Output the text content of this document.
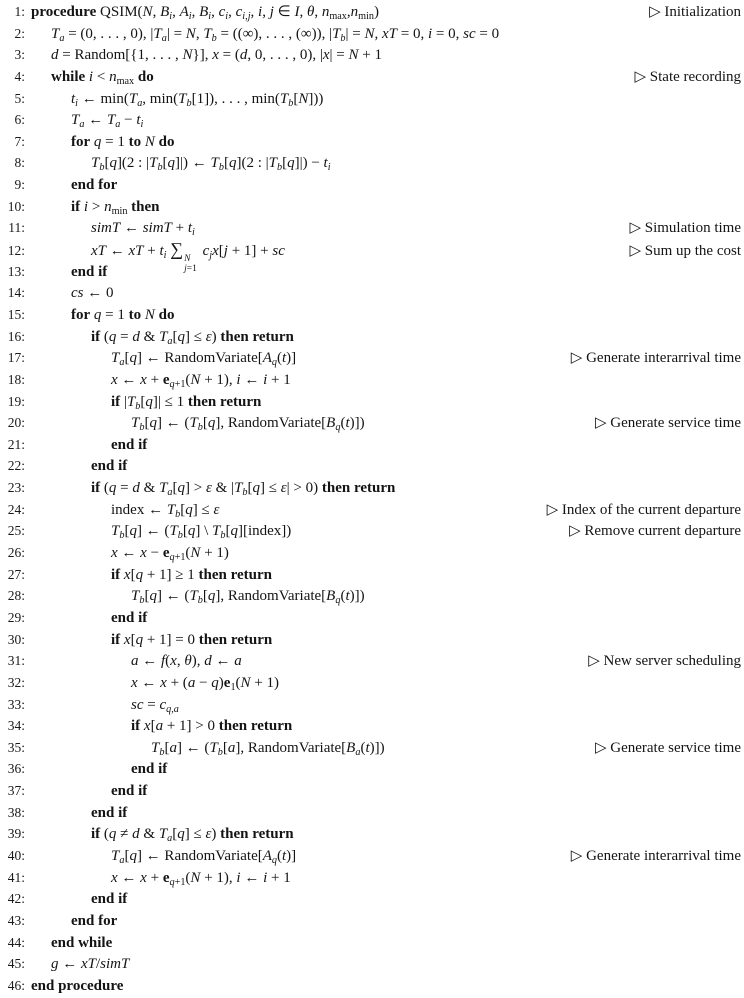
1: procedure QSIM(N, $B_i$, $A_i$, $B_i$, $c_i$, $c_{i,j}$, i, j ∈ I, θ, $n_{max},n_{min}$)	▷ Initialization
2:	$T_a = (0$, . . . , 0), $|T_a| = N$, $T_b$ = ((∞), . . . , (∞)), $|T_b| = N$, xT = 0, i = 0, sc = 0
3:	d = Random[{1, . . . , N}], x = (d, 0, . . . , 0), |x| = N + 1
4:	while $i < n_{max}$ do	▷ State recording
5:	$t_i$ ← $\min(T_a$, $\min(T_b[1])$, . . . , $\min(T_b[N])$)
6:	$T_a$ ← $T_a - t_i$
7:	for q = 1 to N do
8:	$T_b[q](2$ : $|T_b[q]|$) ← $T_b[q](2$ : $|T_b[q]|) - t_i$
9:	end for
10:	if $i > n_{min}$ then
11:	simT ← simT + $t_i$	▷ Simulation time
12:	xT ← xT + $t_i$ ∑ N
j=1
$c_jx[j + 1]$ + sc	▷ Sum up the cost
13:	end if
14:	cs ← 0
15:	for q = 1 to N do
16:	if (q = d & $T_a[q] \le \varepsilon$) then return
17:	$T_a[q]$ ← $RandomVariate[A_q(t)]$	▷ Generate interarrival time
18:	x ← $x + e_{q+1}(N + 1)$, i ← i + 1
19:	if $|T_b[q]| \le 1$ then return
20:	$T_b[q]$ ← ($T_b[q]$, $RandomVariate[B_q(t)]$)	▷ Generate service time
21:	end if
22:	end if
23:	if (q = d & $T_a[q] > \varepsilon$ & $|T_b[q] \le \varepsilon| > 0$) then return
24:	index ← $T_b[q] \le \varepsilon$	▷ Index of the current departure
25:	$T_b[q]$ ← ($T_b[q]$ \ $T_b[q][index]$)	▷ Remove current departure
26:	x ← $x - e_{q+1}(N + 1)$
27:	if x[q + 1] ≥ 1 then return
28:	$T_b[q]$ ← ($T_b[q]$, $RandomVariate[B_q(t)]$)
29:	end if
30:	if x[q + 1] = 0 then return
31:	a ← f(x, θ), d ← a	▷ New server scheduling
32:	x ← $x + (a - q)e_1(N + 1)$
33:	sc = $c_{q,a}$
34:	if x[a + 1] > 0 then return
35:	$T_b[a]$ ← ($T_b[a]$, $RandomVariate[B_a(t)]$)	▷ Generate service time
36:	end if
37:	end if
38:	end if
39:	if (q ≠ d & $T_a[q] \le \varepsilon$) then return
40:	$T_a[q]$ ← $RandomVariate[A_q(t)]$	▷ Generate interarrival time
41:	x ← $x + e_{q+1}(N + 1)$, i ← i + 1
42:	end if
43:	end for
44:	end while
45:	g ← xT/simT
46: end procedure
